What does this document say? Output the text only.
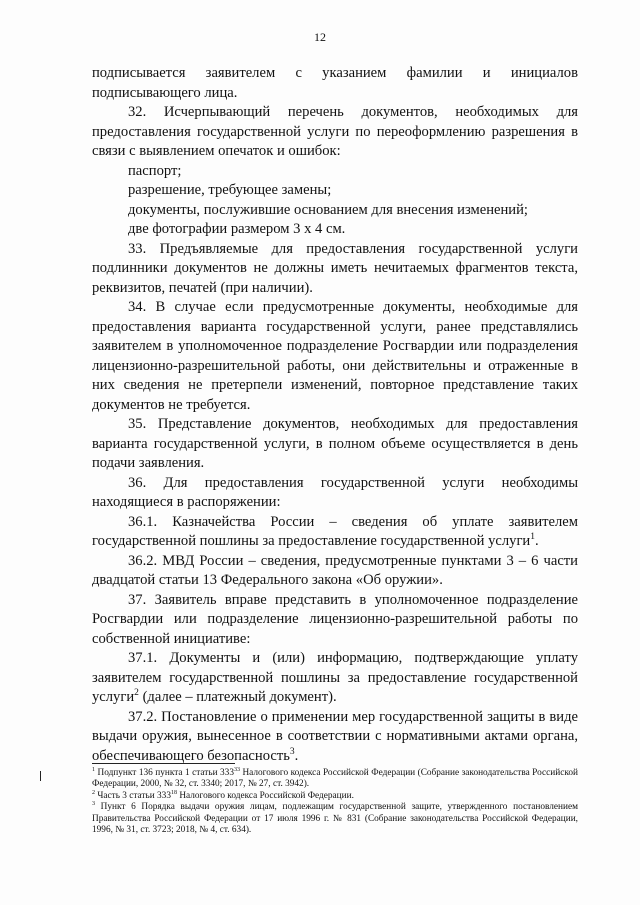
12

подписывается заявителем с указанием фамилии и инициалов подписывающего лица.

32. Исчерпывающий перечень документов, необходимых для предоставления государственной услуги по переоформлению разрешения в связи с выявлением опечаток и ошибок:

паспорт;

разрешение, требующее замены;

документы, послужившие основанием для внесения изменений;

две фотографии размером 3 x 4 см.

33. Предъявляемые для предоставления государственной услуги подлинники документов не должны иметь нечитаемых фрагментов текста, реквизитов, печатей (при наличии).

34. В случае если предусмотренные документы, необходимые для предоставления варианта государственной услуги, ранее представлялись заявителем в уполномоченное подразделение Росгвардии или подразделения лицензионно-разрешительной работы, они действительны и отраженные в них сведения не претерпели изменений, повторное представление таких документов не требуется.

35. Представление документов, необходимых для предоставления варианта государственной услуги, в полном объеме осуществляется в день подачи заявления.

36. Для предоставления государственной услуги необходимы находящиеся в распоряжении:

36.1. Казначейства России – сведения об уплате заявителем государственной пошлины за предоставление государственной услуги$^1$.

36.2. МВД России – сведения, предусмотренные пунктами 3 – 6 части двадцатой статьи 13 Федерального закона «Об оружии».

37. Заявитель вправе представить в уполномоченное подразделение Росгвардии или подразделение лицензионно-разрешительной работы по собственной инициативе:

37.1. Документы и (или) информацию, подтверждающие уплату заявителем государственной пошлины за предоставление государственной услуги$^2$ (далее – платежный документ).

37.2. Постановление о применении мер государственной защиты в виде выдачи оружия, вынесенное в соответствии с нормативными актами органа, обеспечивающего безопасность$^3$.

$^1$ Подпункт 136 пункта 1 статьи $333^{33}$ Налогового кодекса Российской Федерации (Собрание законодательства Российской Федерации, 2000, № 32, ст. 3340; 2017, № 27, ст. 3942).

$^2$ Часть 3 статьи $333^{18}$ Налогового кодекса Российской Федерации.

$^3$ Пункт 6 Порядка выдачи оружия лицам, подлежащим государственной защите, утвержденного постановлением Правительства Российской Федерации от 17 июля 1996 г. № 831 (Собрание законодательства Российской Федерации, 1996, № 31, ст. 3723; 2018, № 4, ст. 634).
